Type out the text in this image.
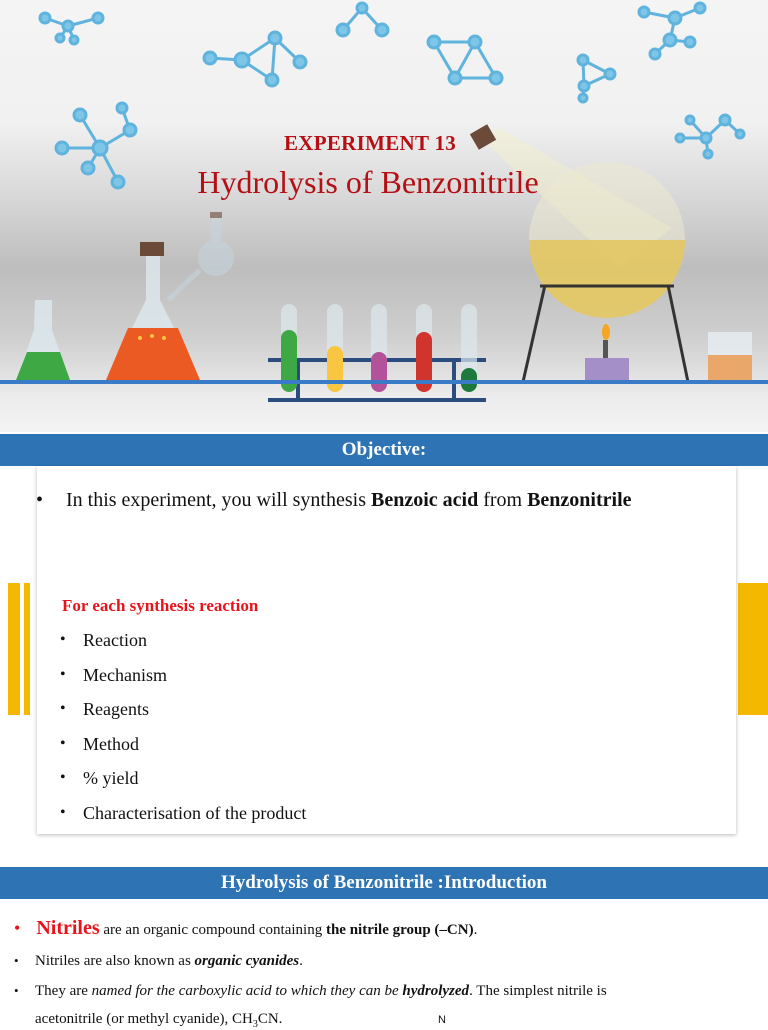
EXPERIMENT 13
Hydrolysis of Benzonitrile
Objective:
• In this experiment, you will synthesis Benzoic acid from Benzonitrile
For each synthesis reaction
• Reaction
• Mechanism
• Reagents
• Method
• % yield
• Characterisation of the product
Hydrolysis of Benzonitrile :Introduction
• Nitriles are an organic compound containing the nitrile group (–CN).
• Nitriles are also known as organic cyanides.
• They are named for the carboxylic acid to which they can be hydrolyzed. The simplest nitrile is
acetonitrile (or methyl cyanide), $CH_3CN$.	N
